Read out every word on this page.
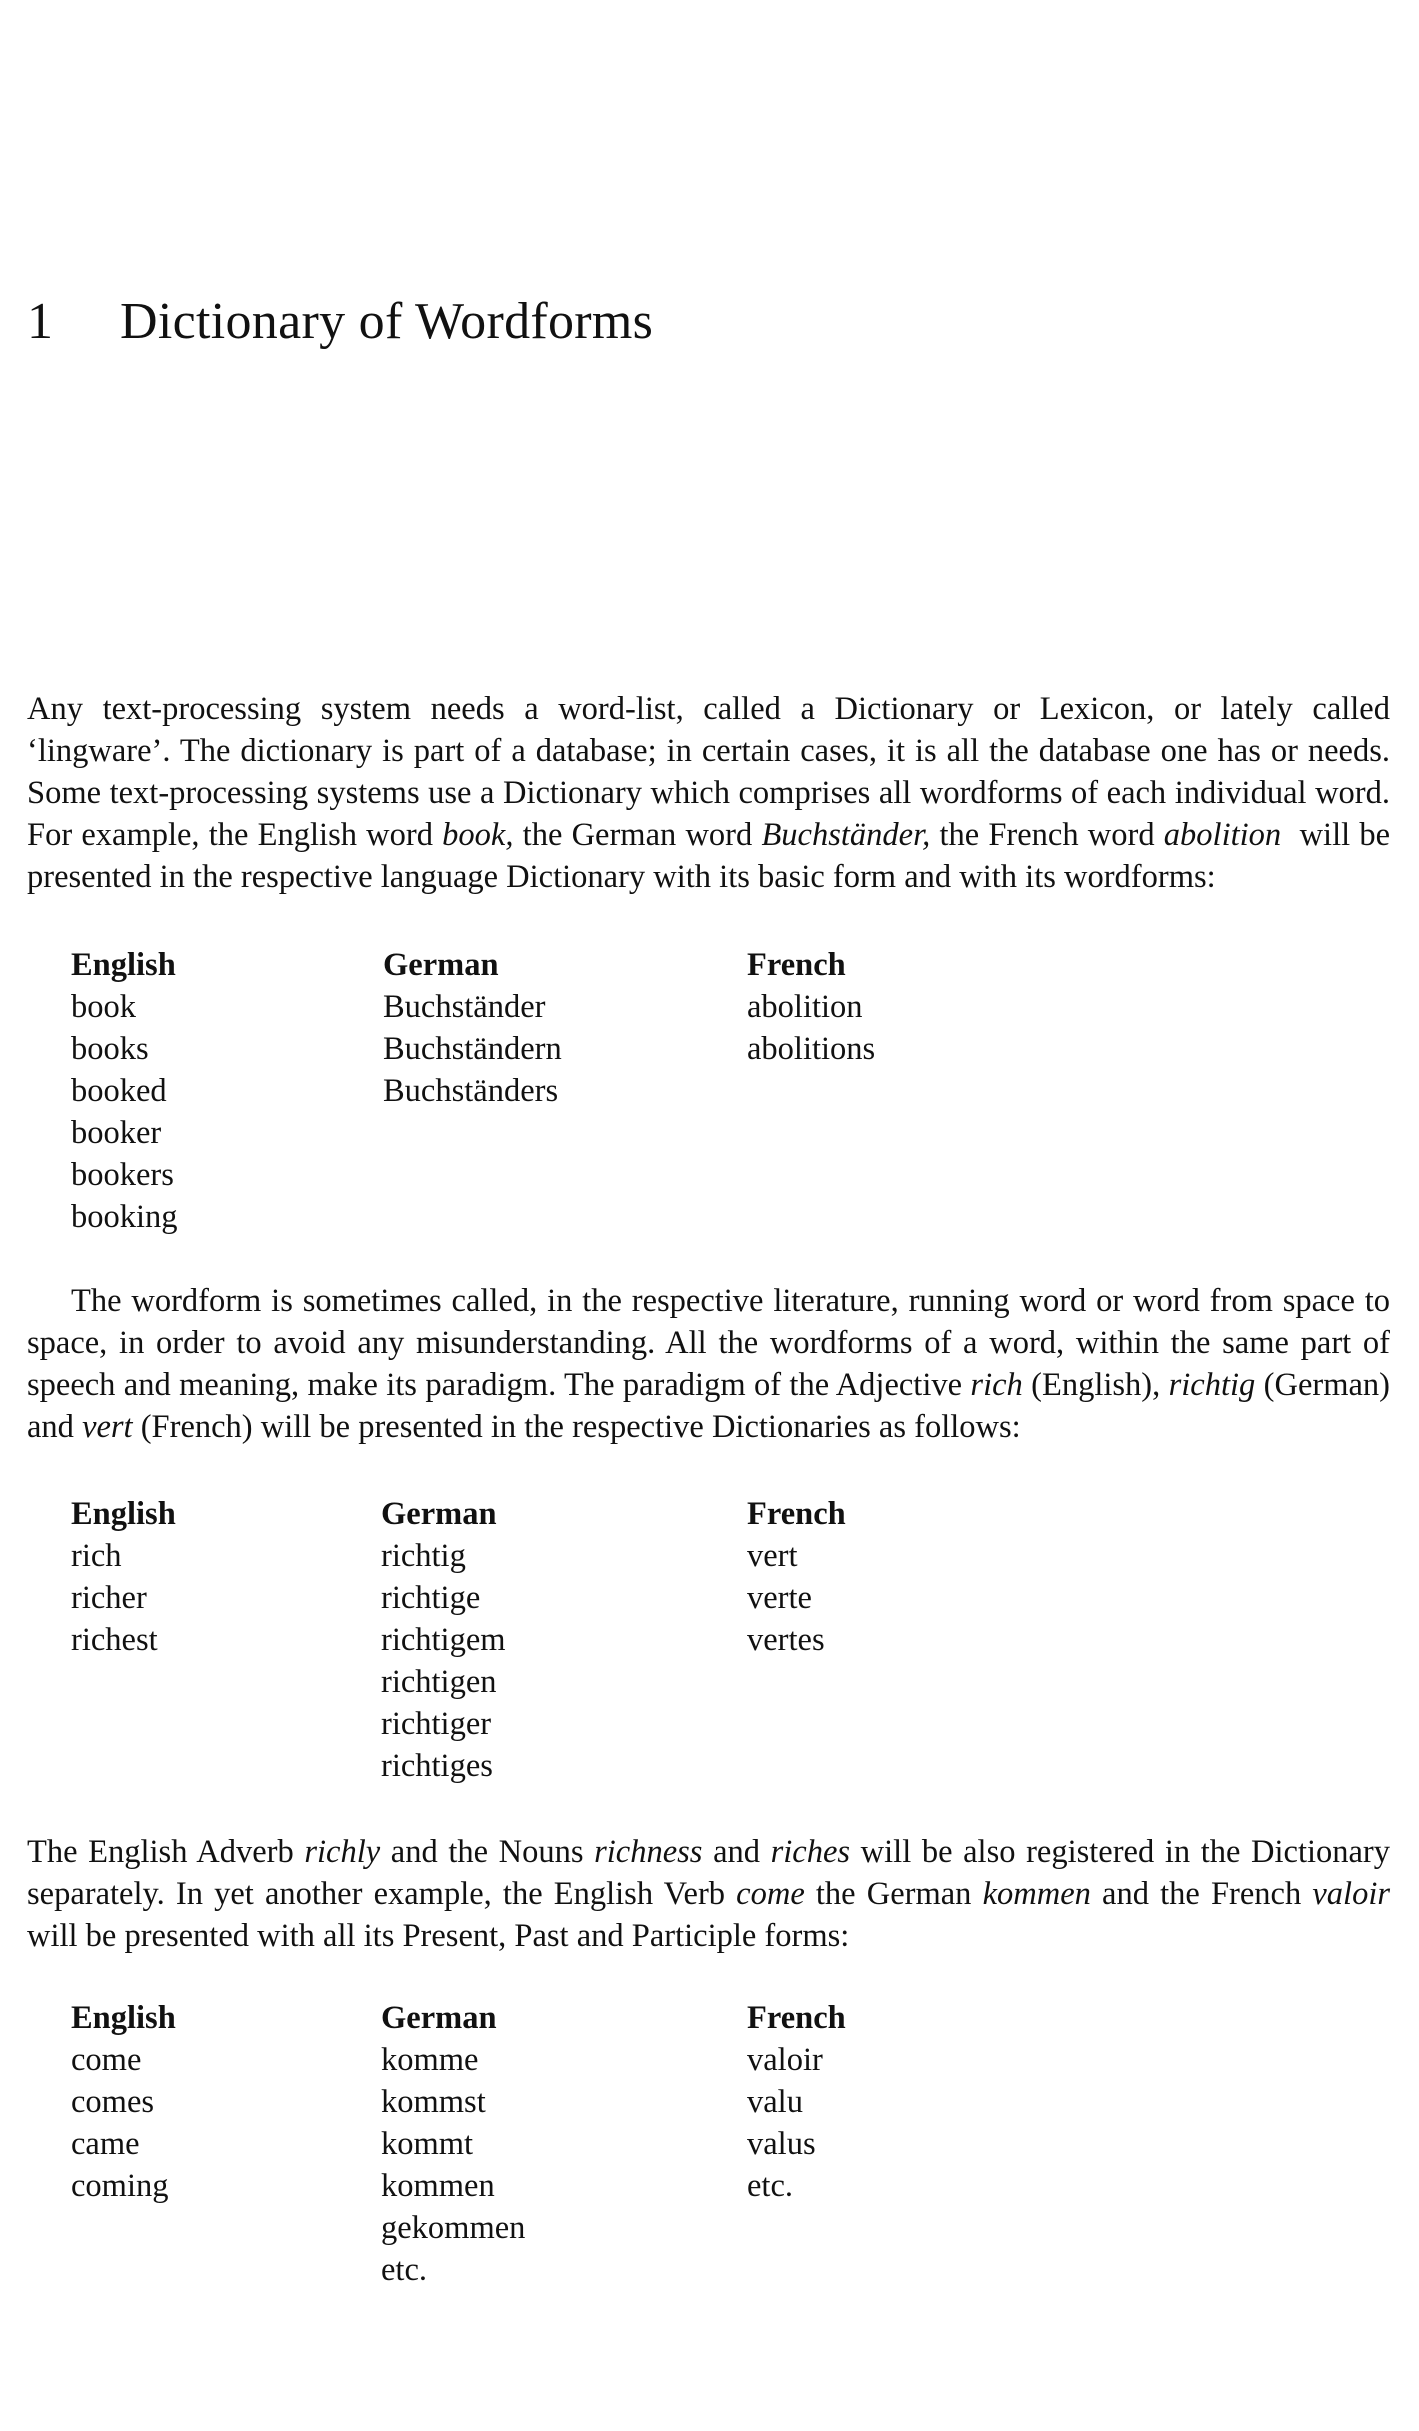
1 Dictionary of Wordforms

Any text-processing system needs a word-list, called a Dictionary or Lexicon, or lately called ‘lingware’. The dictionary is part of a database; in certain cases, it is all the database one has or needs. Some text-processing systems use a Dictionary which comprises all wordforms of each individual word. For example, the English word book, the German word Buchständer, the French word abolition  will be presented in the respective language Dictionary with its basic form and with its wordforms:

English
book
books
booked
booker
bookers
booking
German
Buchständer
Buchständern
Buchständers
French
abolition
abolitions

The wordform is sometimes called, in the respective literature, running word or word from space to space, in order to avoid any misunderstanding. All the wordforms of a word, within the same part of speech and meaning, make its paradigm. The paradigm of the Adjective rich (English), richtig (German) and vert (French) will be presented in the respective Dictionaries as follows:

English
rich
richer
richest
German
richtig
richtige
richtigem
richtigen
richtiger
richtiges
French
vert
verte
vertes

The English Adverb richly and the Nouns richness and riches will be also registered in the Dictionary separately. In yet another example, the English Verb come the German kommen and the French valoir will be presented with all its Present, Past and Participle forms:

English
come
comes
came
coming
German
komme
kommst
kommt
kommen
gekommen
etc.
French
valoir
valu
valus
etc.
